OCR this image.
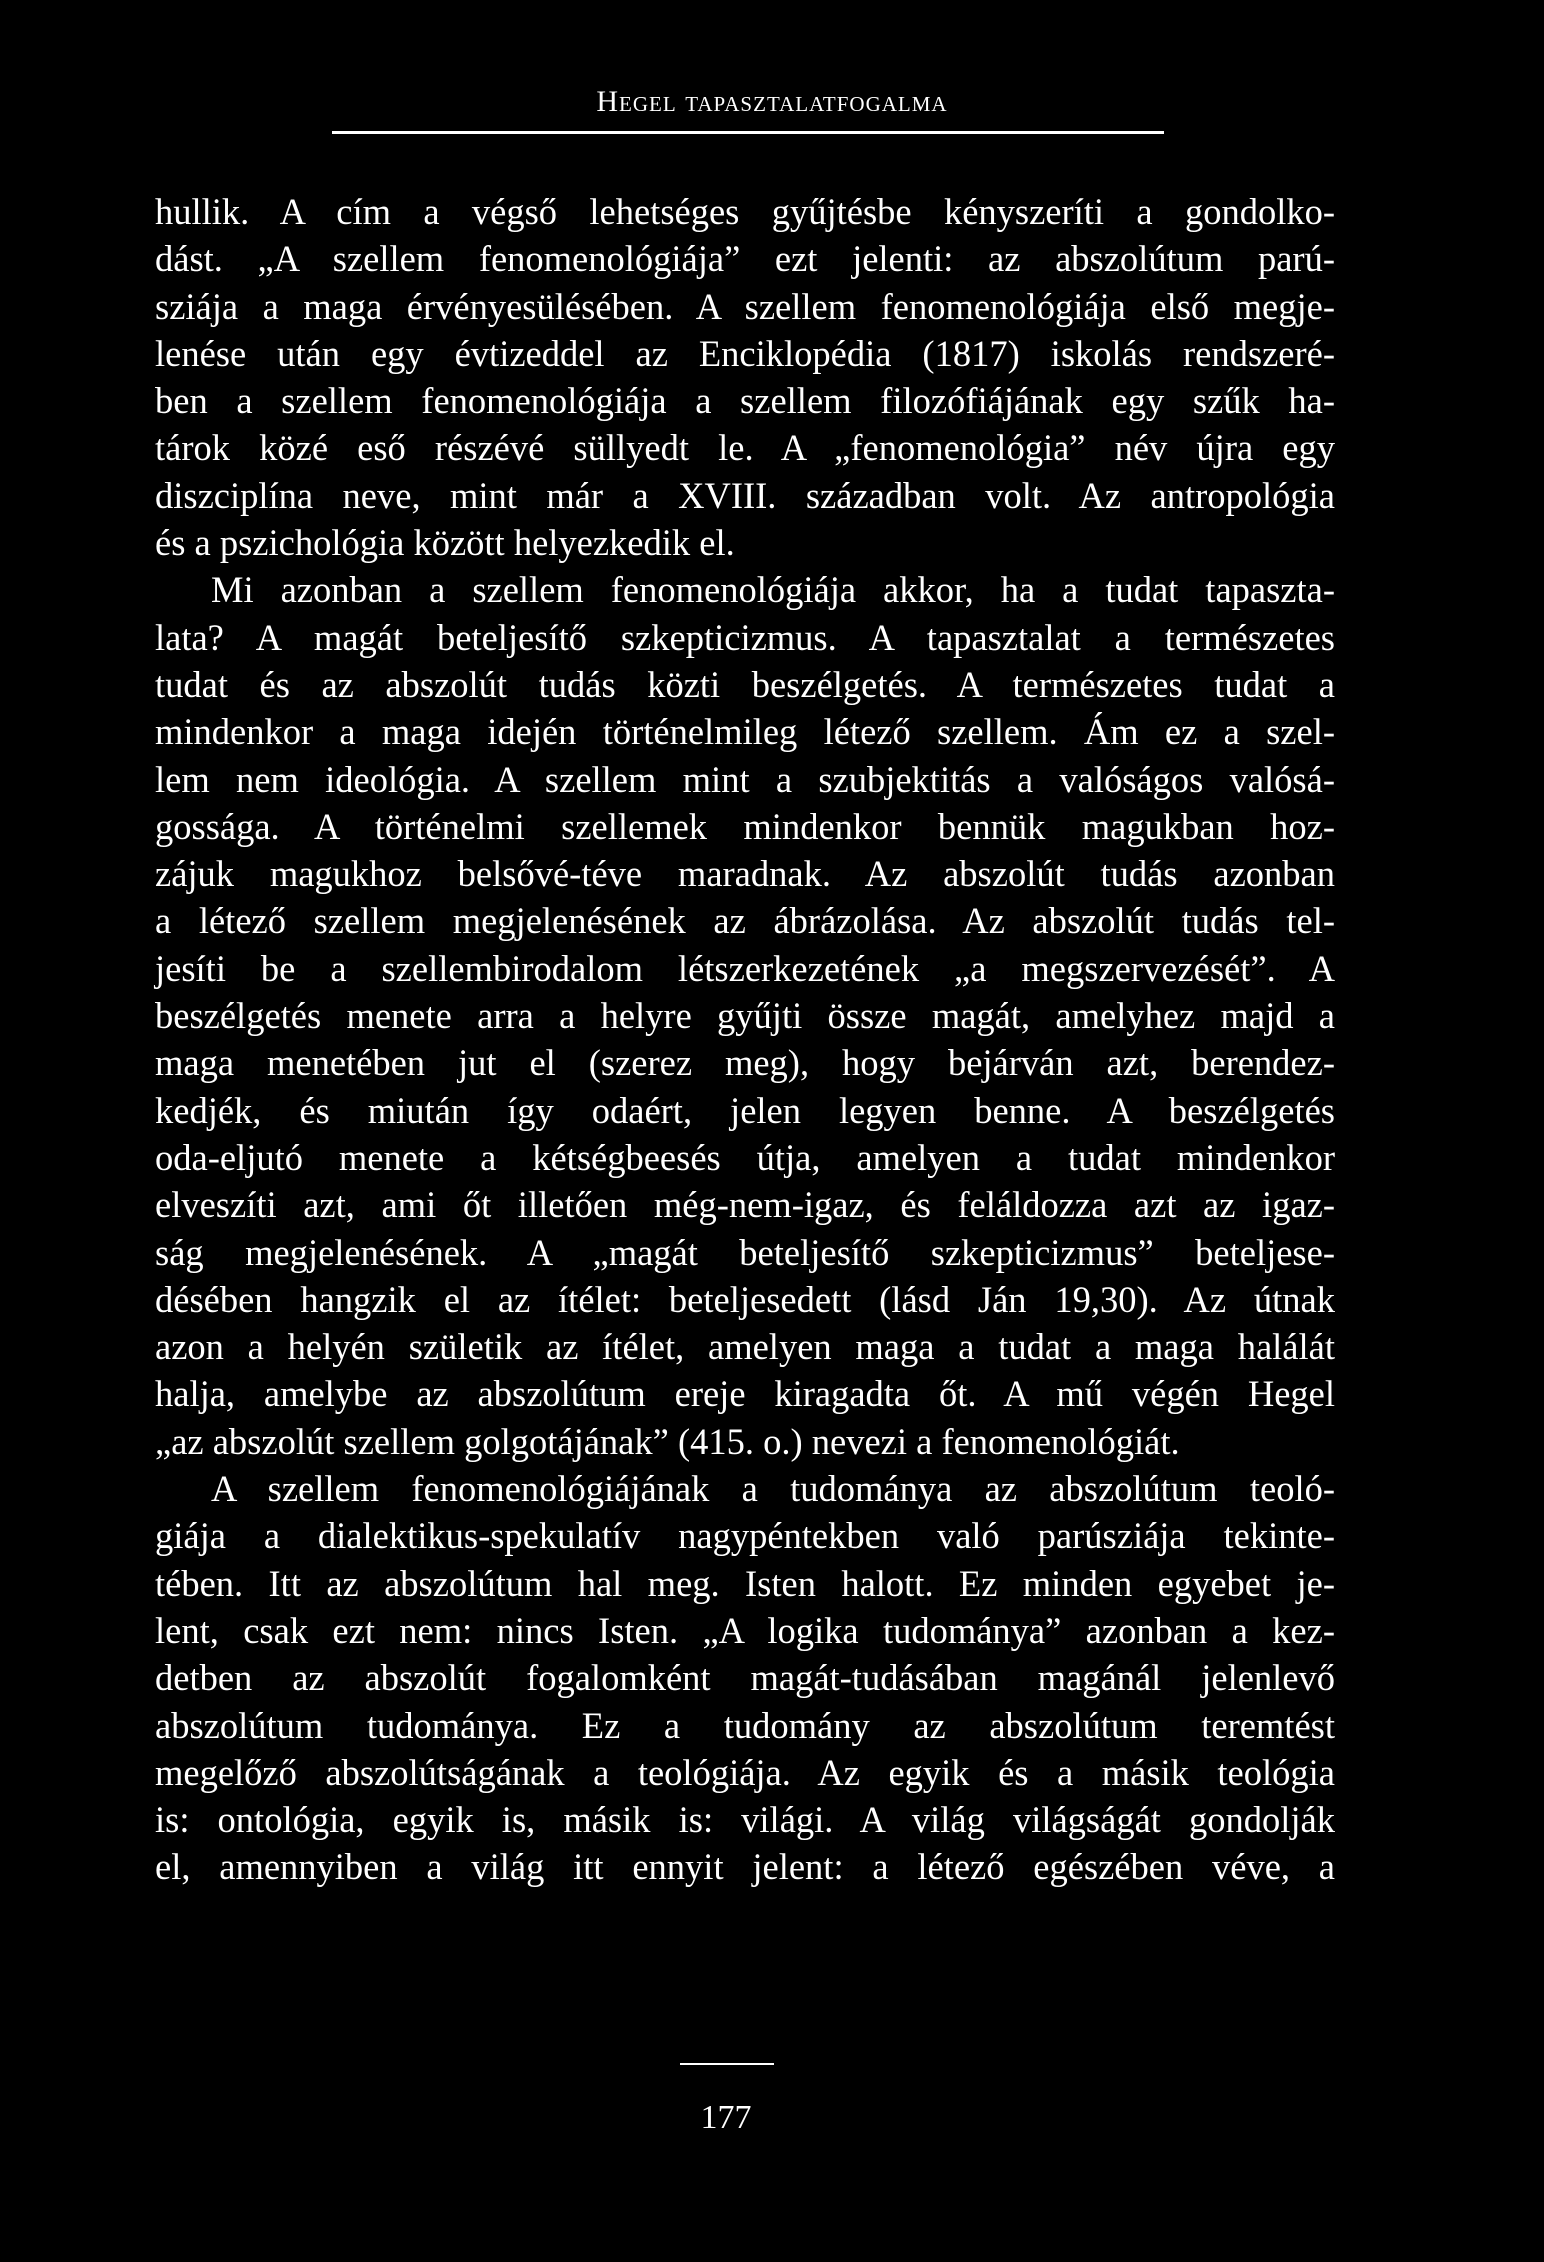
Hegel tapasztalatfogalma
hullik. A cím a végső lehetséges gyűjtésbe kényszeríti a gondolko-
dást. „A szellem fenomenológiája” ezt jelenti: az abszolútum parú-
sziája a maga érvényesülésében. A szellem fenomenológiája első megje-
lenése után egy évtizeddel az Enciklopédia (1817) iskolás rendszeré-
ben a szellem fenomenológiája a szellem filozófiájának egy szűk ha-
tárok közé eső részévé süllyedt le. A „fenomenológia” név újra egy
diszciplína neve, mint már a XVIII. században volt. Az antropológia
és a pszichológia között helyezkedik el.
Mi azonban a szellem fenomenológiája akkor, ha a tudat tapaszta-
lata? A magát beteljesítő szkepticizmus. A tapasztalat a természetes
tudat és az abszolút tudás közti beszélgetés. A természetes tudat a
mindenkor a maga idején történelmileg létező szellem. Ám ez a szel-
lem nem ideológia. A szellem mint a szubjektitás a valóságos valósá-
gossága. A történelmi szellemek mindenkor bennük magukban hoz-
zájuk magukhoz belsővé-téve maradnak. Az abszolút tudás azonban
a létező szellem megjelenésének az ábrázolása. Az abszolút tudás tel-
jesíti be a szellembirodalom létszerkezetének „a megszervezését”. A
beszélgetés menete arra a helyre gyűjti össze magát, amelyhez majd a
maga menetében jut el (szerez meg), hogy bejárván azt, berendez-
kedjék, és miután így odaért, jelen legyen benne. A beszélgetés
oda-eljutó menete a kétségbeesés útja, amelyen a tudat mindenkor
elveszíti azt, ami őt illetően még-nem-igaz, és feláldozza azt az igaz-
ság megjelenésének. A „magát beteljesítő szkepticizmus” beteljese-
désében hangzik el az ítélet: beteljesedett (lásd Ján 19,30). Az útnak
azon a helyén születik az ítélet, amelyen maga a tudat a maga halálát
halja, amelybe az abszolútum ereje kiragadta őt. A mű végén Hegel
„az abszolút szellem golgotájának” (415. o.) nevezi a fenomenológiát.
A szellem fenomenológiájának a tudománya az abszolútum teoló-
giája a dialektikus-spekulatív nagypéntekben való parúsziája tekinte-
tében. Itt az abszolútum hal meg. Isten halott. Ez minden egyebet je-
lent, csak ezt nem: nincs Isten. „A logika tudománya” azonban a kez-
detben az abszolút fogalomként magát-tudásában magánál jelenlevő
abszolútum tudománya. Ez a tudomány az abszolútum teremtést
megelőző abszolútságának a teológiája. Az egyik és a másik teológia
is: ontológia, egyik is, másik is: világi. A világ világságát gondolják
el, amennyiben a világ itt ennyit jelent: a létező egészében véve, a
177
